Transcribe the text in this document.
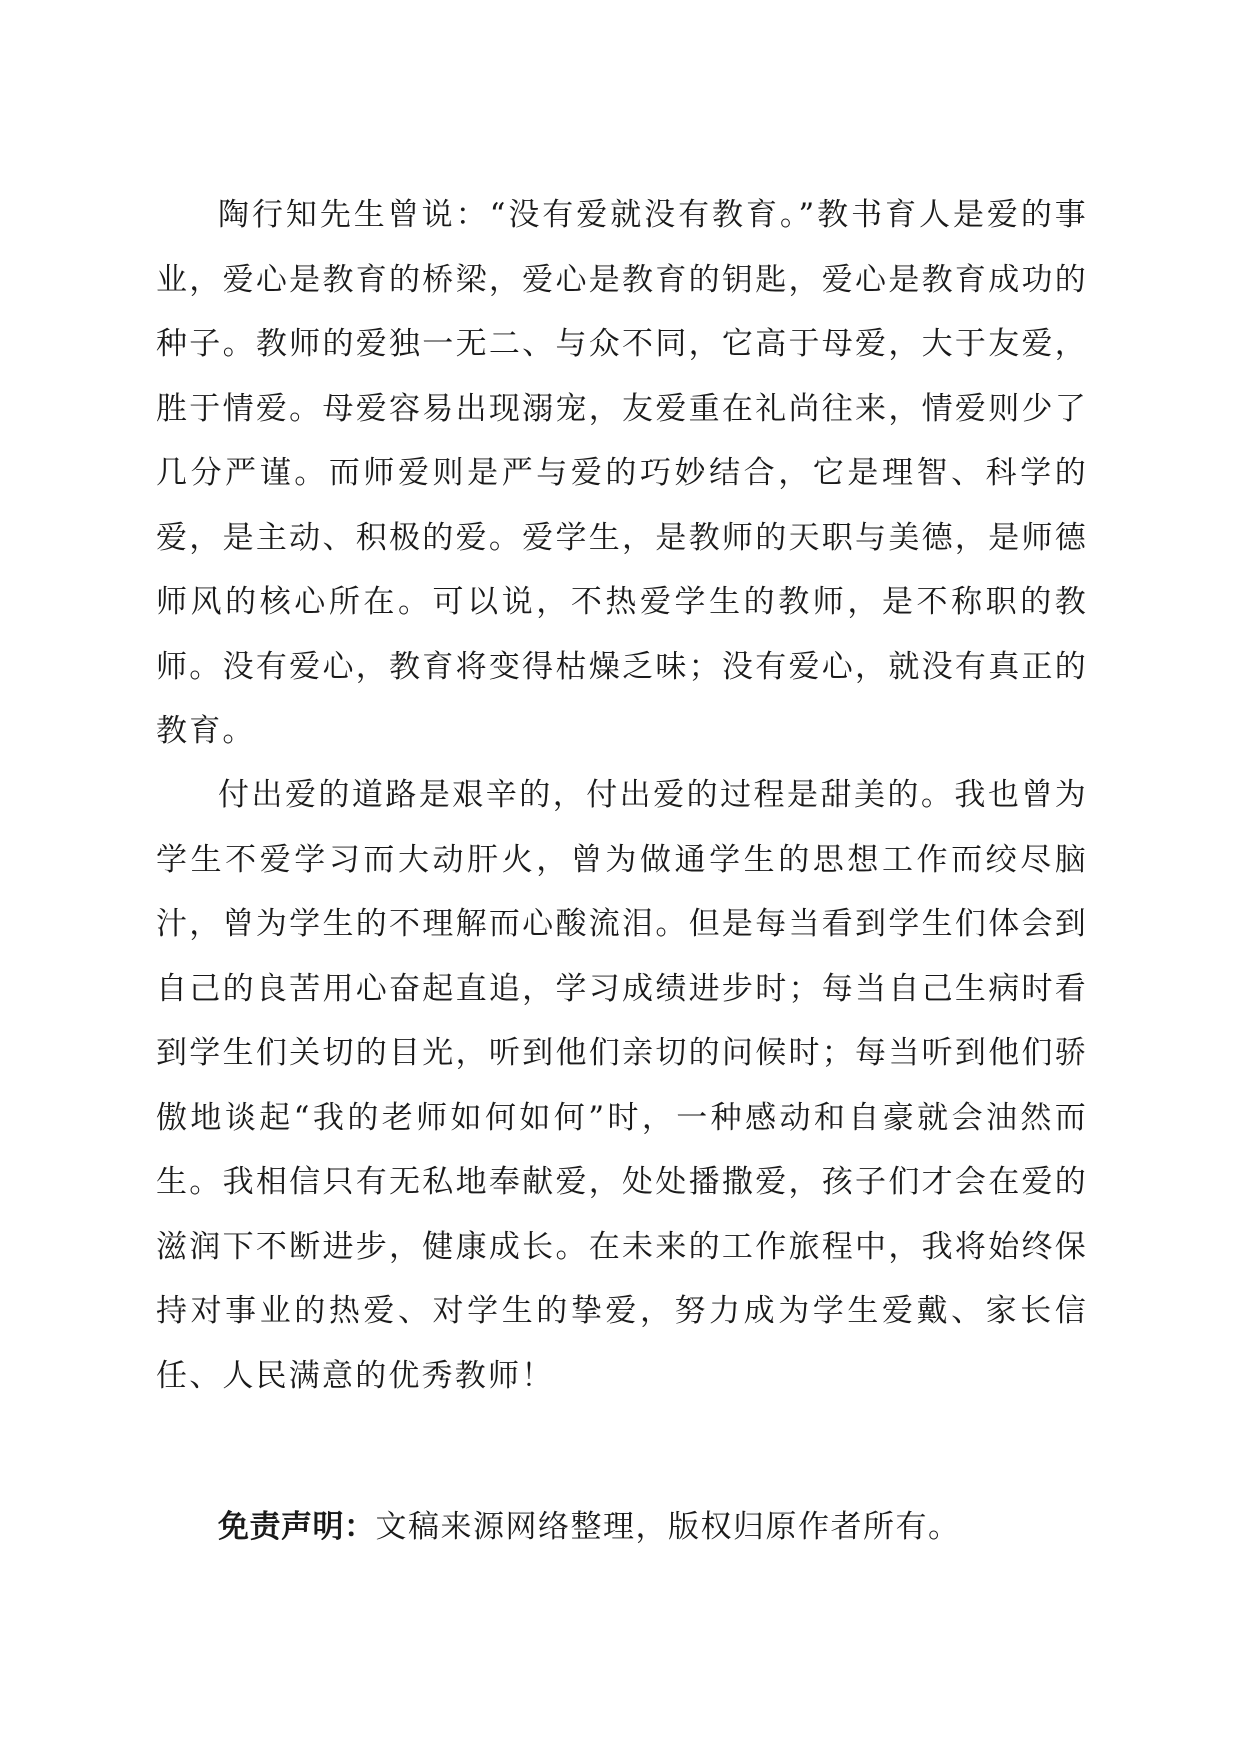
陶行知先生曾说：“没有爱就没有教育。”教书育人是爱的事业，爱心是教育的桥梁，爱心是教育的钥匙，爱心是教育成功的种子。教师的爱独一无二、与众不同，它高于母爱，大于友爱，胜于情爱。母爱容易出现溺宠，友爱重在礼尚往来，情爱则少了几分严谨。而师爱则是严与爱的巧妙结合，它是理智、科学的爱，是主动、积极的爱。爱学生，是教师的天职与美德，是师德师风的核心所在。可以说，不热爱学生的教师，是不称职的教师。没有爱心，教育将变得枯燥乏味；没有爱心，就没有真正的教育。

付出爱的道路是艰辛的，付出爱的过程是甜美的。我也曾为学生不爱学习而大动肝火，曾为做通学生的思想工作而绞尽脑汁，曾为学生的不理解而心酸流泪。但是每当看到学生们体会到自己的良苦用心奋起直追，学习成绩进步时；每当自己生病时看到学生们关切的目光，听到他们亲切的问候时；每当听到他们骄傲地谈起“我的老师如何如何”时，一种感动和自豪就会油然而生。我相信只有无私地奉献爱，处处播撒爱，孩子们才会在爱的滋润下不断进步，健康成长。在未来的工作旅程中，我将始终保持对事业的热爱、对学生的挚爱，努力成为学生爱戴、家长信任、人民满意的优秀教师！

免责声明：文稿来源网络整理，版权归原作者所有。
